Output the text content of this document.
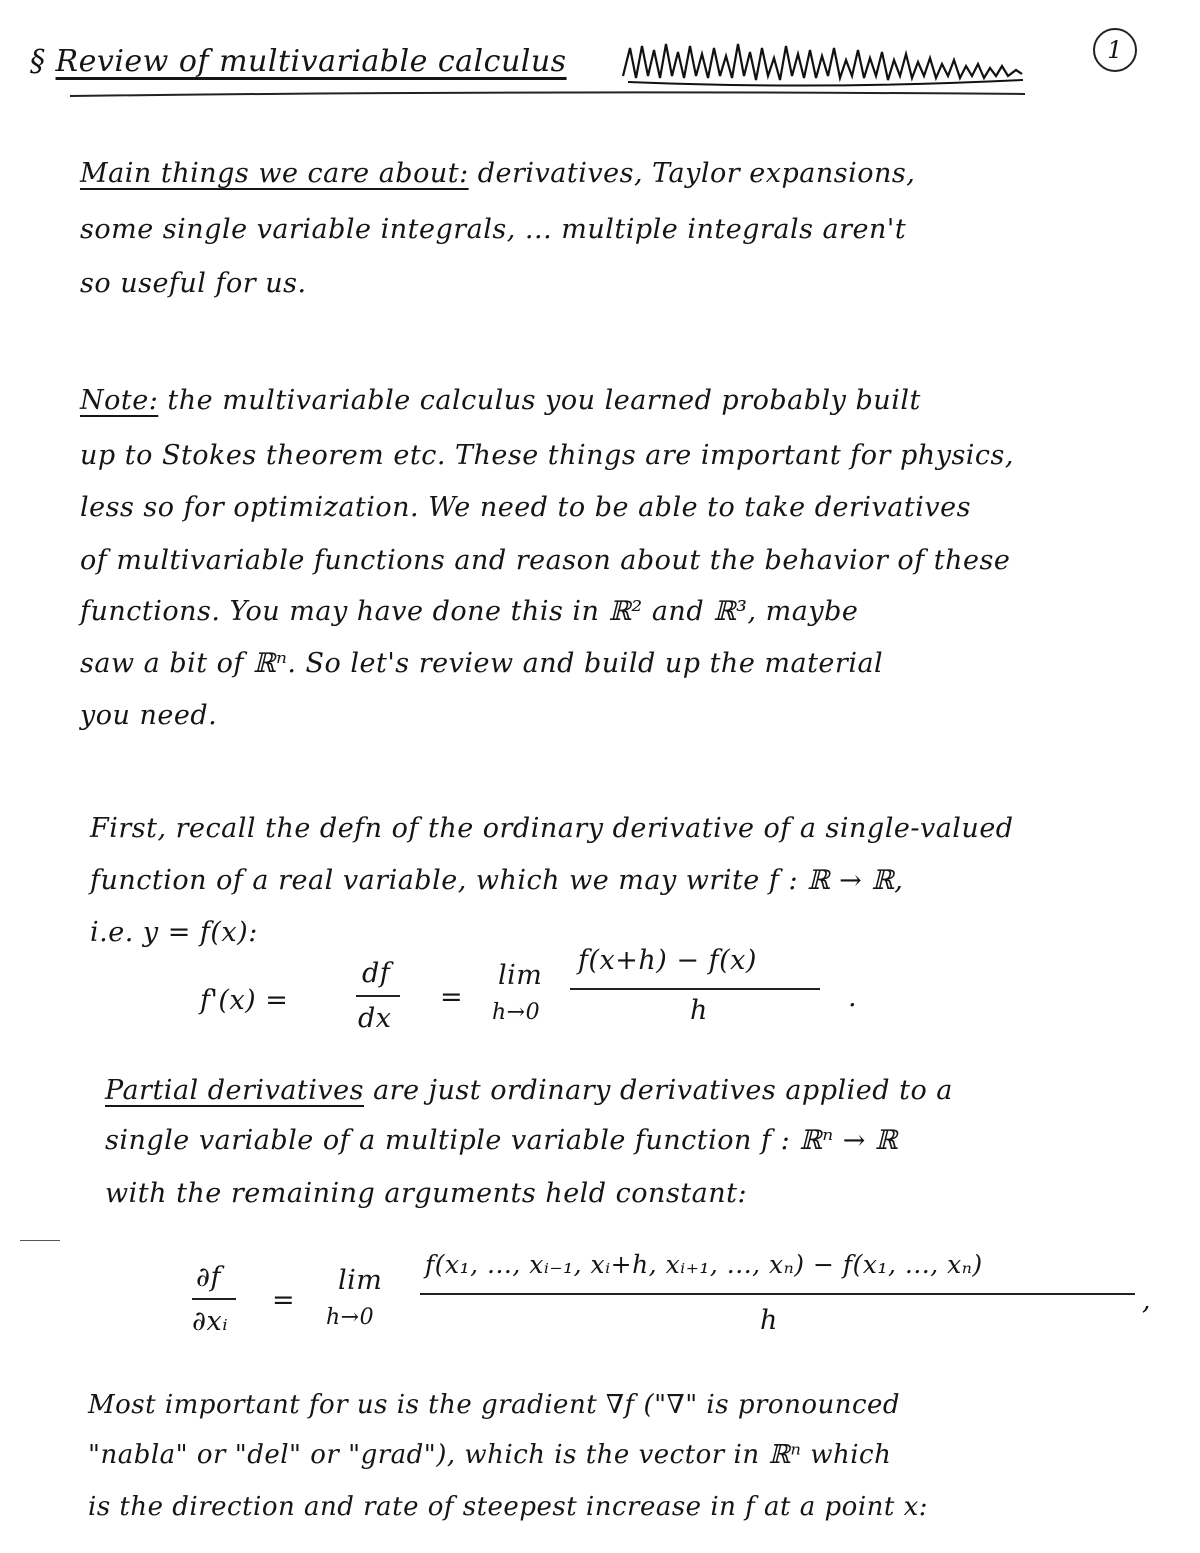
§ Review of multivariable calculus	1
Main things we care about: derivatives, Taylor expansions,
some single variable integrals, ... multiple integrals aren't
so useful for us.
Note: the multivariable calculus you learned probably built
up to Stokes theorem etc. These things are important for physics,
less so for optimization. We need to be able to take derivatives
of multivariable functions and reason about the behavior of these
functions. You may have done this in ℝ² and ℝ³, maybe
saw a bit of ℝⁿ. So let's review and build up the material
you need.
First, recall the defn of the ordinary derivative of a single-valued
function of a real variable, which we may write f : ℝ → ℝ,
i.e. y = f(x):
f'(x) =
df
dx
=
lim
h→0
f(x+h) − f(x)
h	.
Partial derivatives are just ordinary derivatives applied to a
single variable of a multiple variable function f : ℝⁿ → ℝ
with the remaining arguments held constant:
∂f
∂xᵢ
=
lim
h→0
f(x₁, ..., xᵢ₋₁, xᵢ+h, xᵢ₊₁, ..., xₙ) − f(x₁, ..., xₙ)
h
,
Most important for us is the gradient ∇f ("∇" is pronounced
"nabla" or "del" or "grad"), which is the vector in ℝⁿ which
is the direction and rate of steepest increase in f at a point x:
